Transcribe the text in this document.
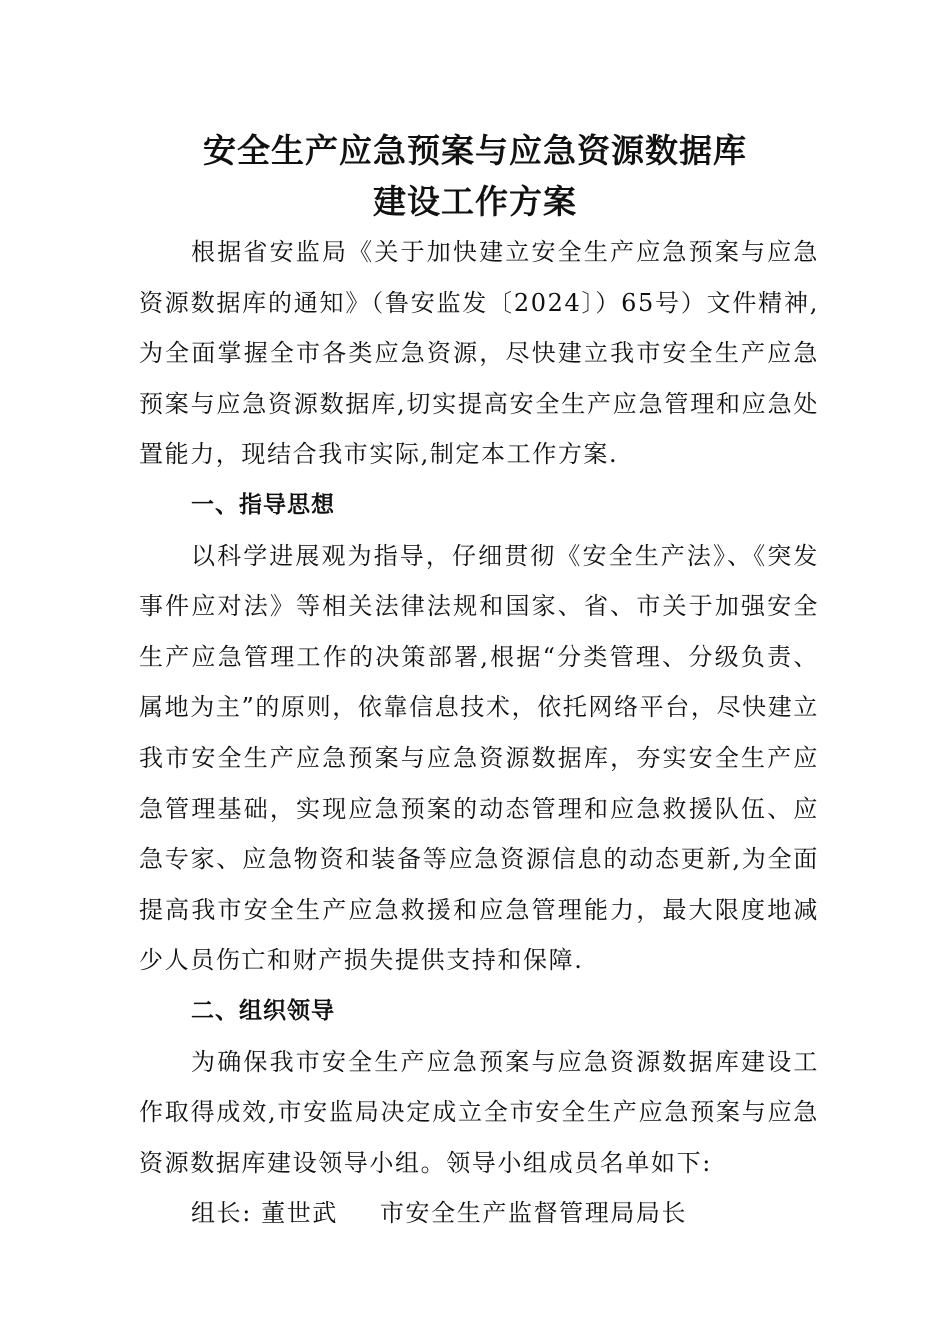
安全生产应急预案与应急资源数据库
建设工作方案

根据省安监局《关于加快建立安全生产应急预案与应急资源数据库的通知》（鲁安监发〔2024〕）65号）文件精神,为全面掌握全市各类应急资源，尽快建立我市安全生产应急预案与应急资源数据库,切实提高安全生产应急管理和应急处置能力，现结合我市实际,制定本工作方案.

一、指导思想

以科学进展观为指导，仔细贯彻《安全生产法》、《突发事件应对法》等相关法律法规和国家、省、市关于加强安全生产应急管理工作的决策部署,根据“分类管理、分级负责、属地为主”的原则，依靠信息技术，依托网络平台，尽快建立我市安全生产应急预案与应急资源数据库，夯实安全生产应急管理基础，实现应急预案的动态管理和应急救援队伍、应急专家、应急物资和装备等应急资源信息的动态更新,为全面提高我市安全生产应急救援和应急管理能力，最大限度地减少人员伤亡和财产损失提供支持和保障.

二、组织领导

为确保我市安全生产应急预案与应急资源数据库建设工作取得成效,市安监局决定成立全市安全生产应急预案与应急资源数据库建设领导小组。领导小组成员名单如下:

组长: 董世武 市安全生产监督管理局局长
